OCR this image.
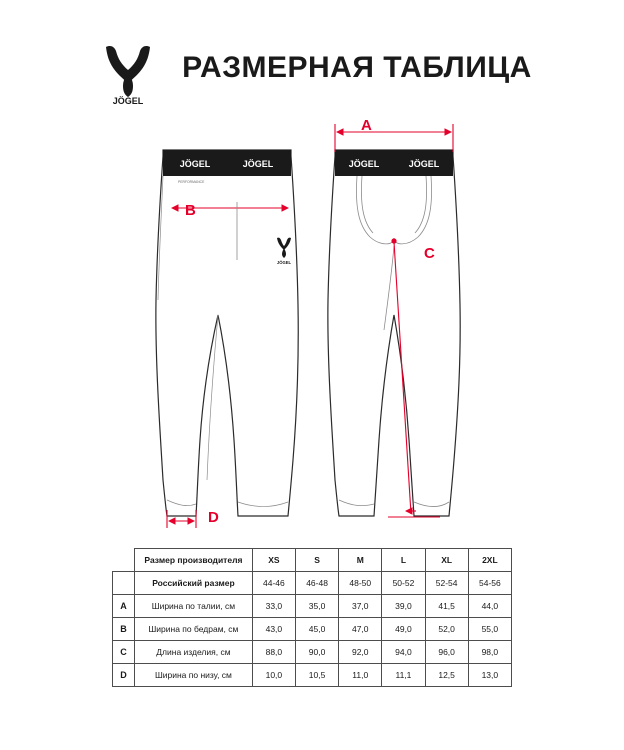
JÖGEL
РАЗМЕРНАЯ ТАБЛИЦА
JÖGEL	JÖGEL
PERFORMANCE
JÖGEL
JÖGEL	JÖGEL
A
B
C
D
	Размер производителя	XS	S	M	L	XL	2XL
	Российский размер	44-46	46-48	48-50	50-52	52-54	54-56
A	Ширина по талии, см	33,0	35,0	37,0	39,0	41,5	44,0
B	Ширина по бедрам, см	43,0	45,0	47,0	49,0	52,0	55,0
C	Длина изделия, см	88,0	90,0	92,0	94,0	96,0	98,0
D	Ширина по низу, см	10,0	10,5	11,0	11,1	12,5	13,0
